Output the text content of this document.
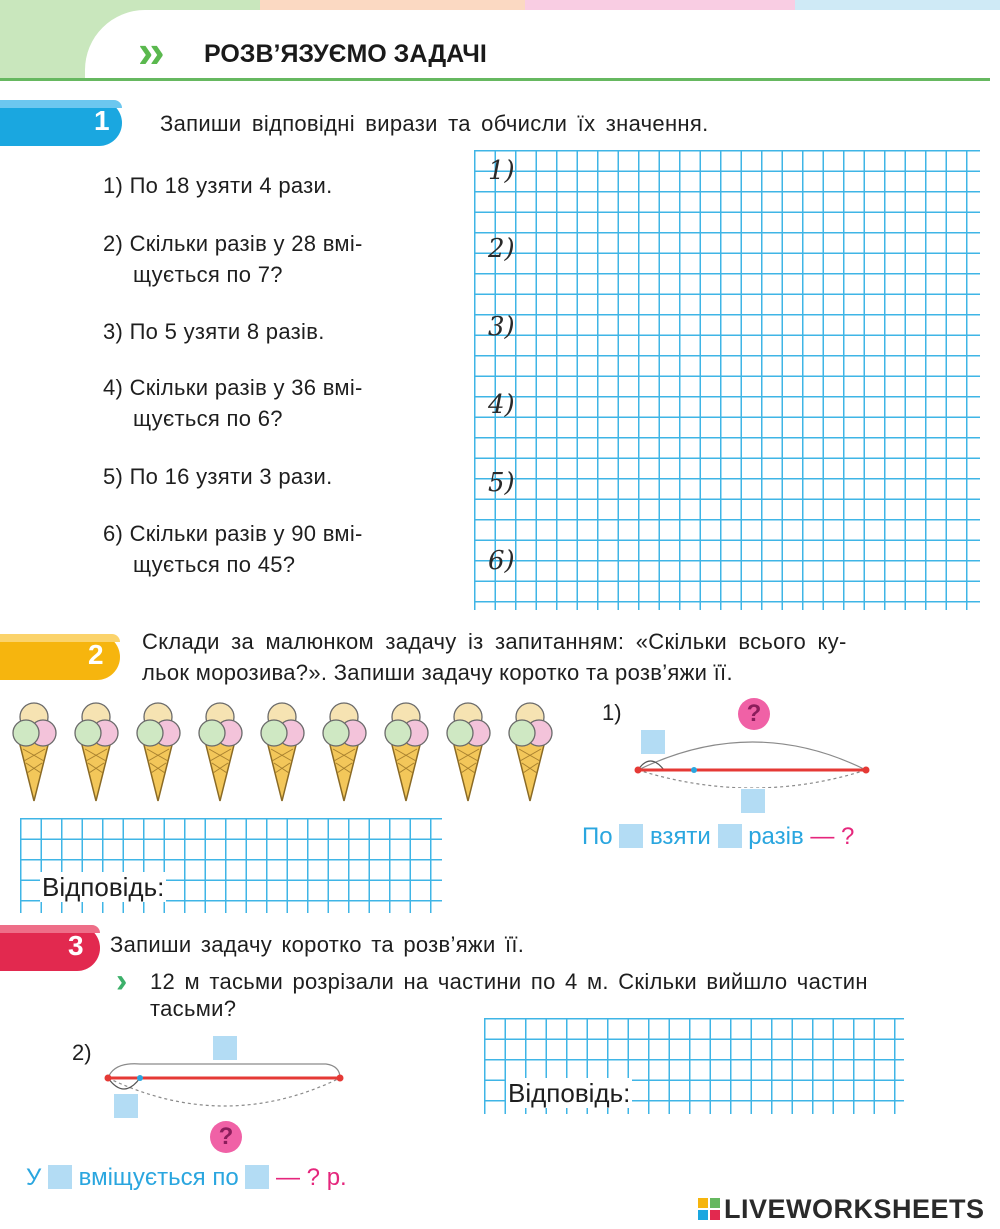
›› РОЗВ’ЯЗУЄМО ЗАДАЧІ
1 Запиши відповідні вирази та обчисли їх значення.
1) По 18 узяти 4 рази.
2) Скільки разів у 28 вмі-
щується по 7?
3) По 5 узяти 8 разів.
4) Скільки разів у 36 вмі-
щується по 6?
5) По 16 узяти 3 рази.
6) Скільки разів у 90 вмі-
щується по 45?
1)
2)
3)
4)
5)
6)
2 Склади за малюнком задачу із запитанням: «Скільки всього ку-
льок морозива?». Запиши задачу коротко та розв’яжи її.
Відповідь:
1)	?
По взяти разів — ?
3 Запиши задачу коротко та розв’яжи її.
› 12 м тасьми розрізали на частини по 4 м. Скільки вийшло частин
тасьми?
2)
?
У вміщується по — ? р.
Відповідь:
LIVEWORKSHEETS
